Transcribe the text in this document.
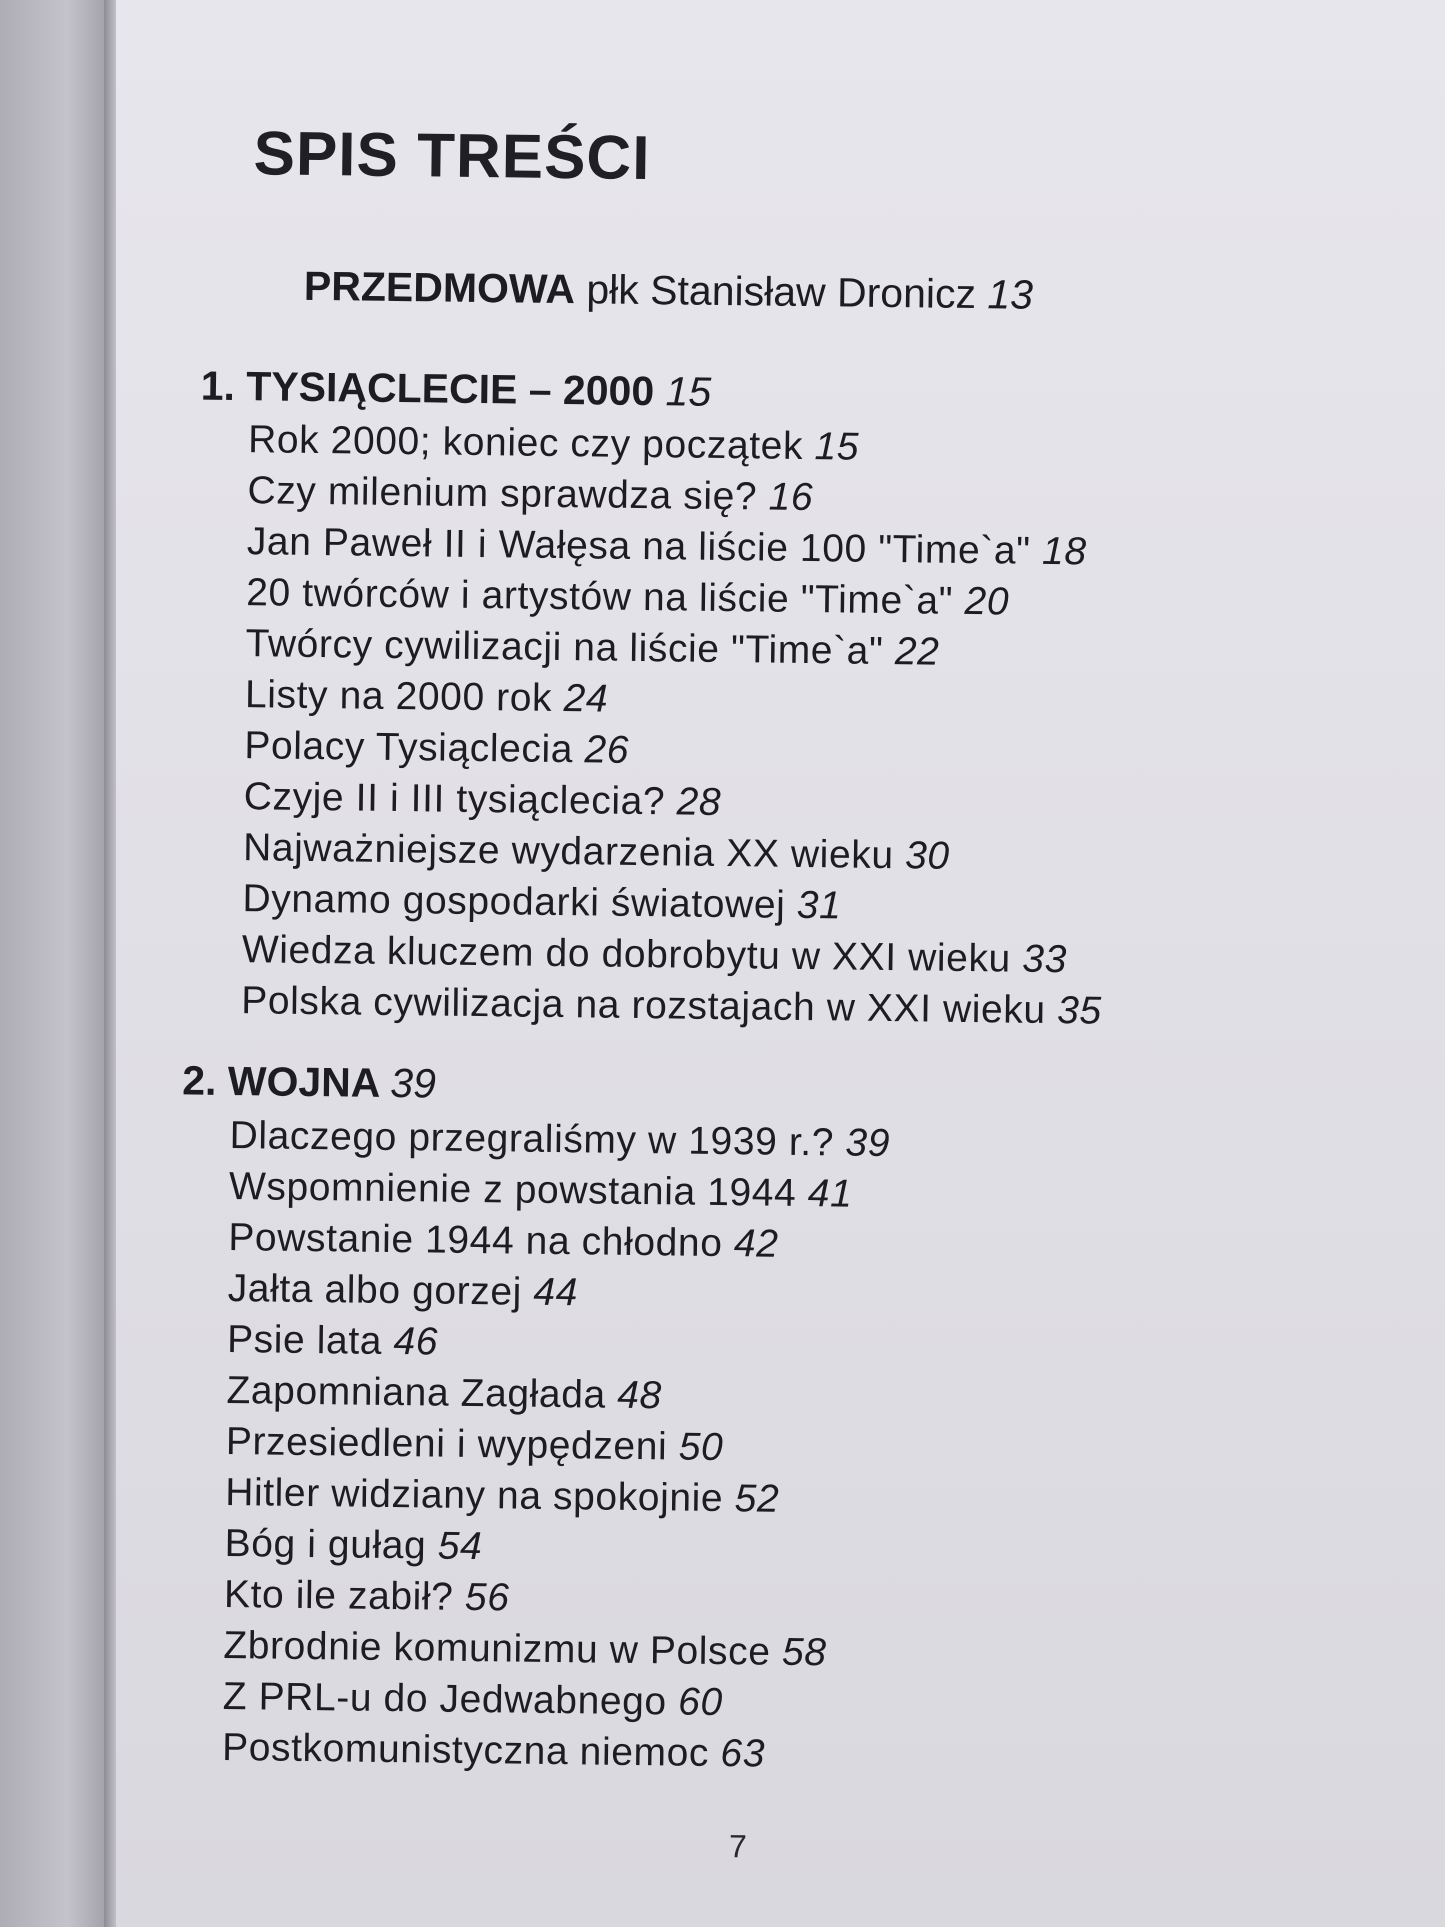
SPIS TREŚCI
PRZEDMOWA płk Stanisław Dronicz 13
1. TYSIĄCLECIE – 2000 15
Rok 2000; koniec czy początek 15
Czy milenium sprawdza się? 16
Jan Paweł II i Wałęsa na liście 100 "Time`a" 18
20 twórców i artystów na liście "Time`a" 20
Twórcy cywilizacji na liście "Time`a" 22
Listy na 2000 rok 24
Polacy Tysiąclecia 26
Czyje II i III tysiąclecia? 28
Najważniejsze wydarzenia XX wieku 30
Dynamo gospodarki światowej 31
Wiedza kluczem do dobrobytu w XXI wieku 33
Polska cywilizacja na rozstajach w XXI wieku 35
2. WOJNA 39
Dlaczego przegraliśmy w 1939 r.? 39
Wspomnienie z powstania 1944 41
Powstanie 1944 na chłodno 42
Jałta albo gorzej 44
Psie lata 46
Zapomniana Zagłada 48
Przesiedleni i wypędzeni 50
Hitler widziany na spokojnie 52
Bóg i gułag 54
Kto ile zabił? 56
Zbrodnie komunizmu w Polsce 58
Z PRL-u do Jedwabnego 60
Postkomunistyczna niemoc 63
7
